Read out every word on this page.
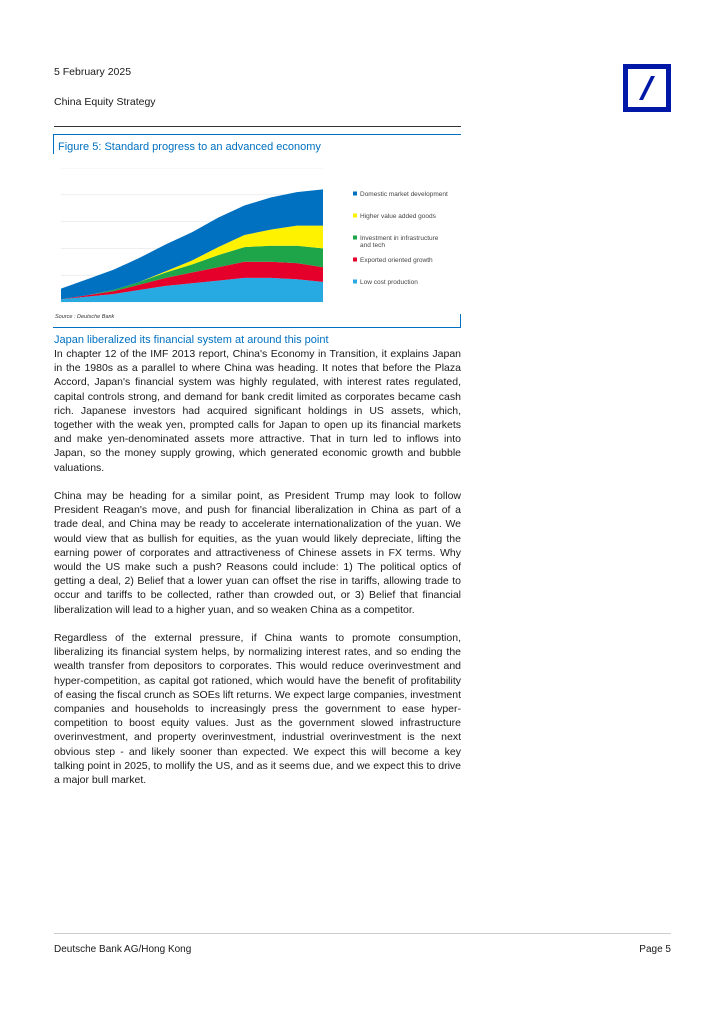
5 February 2025
China Equity Strategy
Figure 5: Standard progress to an advanced economy
Domestic market development
Higher value added goods
Investment in infrastructure and tech
Exported oriented growth
Low cost production
Source : Deutsche Bank
Japan liberalized its financial system at around this point

In chapter 12 of the IMF 2013 report, China's Economy in Transition, it explains Japan in the 1980s as a parallel to where China was heading. It notes that before the Plaza Accord, Japan's financial system was highly regulated, with interest rates regulated, capital controls strong, and demand for bank credit limited as corporates became cash rich. Japanese investors had acquired significant holdings in US assets, which, together with the weak yen, prompted calls for Japan to open up its financial markets and make yen-denominated assets more attractive. That in turn led to inflows into Japan, so the money supply growing, which generated economic growth and bubble valuations.

China may be heading for a similar point, as President Trump may look to follow President Reagan's move, and push for financial liberalization in China as part of a trade deal, and China may be ready to accelerate internationalization of the yuan. We would view that as bullish for equities, as the yuan would likely depreciate, lifting the earning power of corporates and attractiveness of Chinese assets in FX terms. Why would the US make such a push? Reasons could include: 1) The political optics of getting a deal, 2) Belief that a lower yuan can offset the rise in tariffs, allowing trade to occur and tariffs to be collected, rather than crowded out, or 3) Belief that financial liberalization will lead to a higher yuan, and so weaken China as a competitor.

Regardless of the external pressure, if China wants to promote consumption, liberalizing its financial system helps, by normalizing interest rates, and so ending the wealth transfer from depositors to corporates. This would reduce overinvestment and hyper-competition, as capital got rationed, which would have the benefit of profitability of easing the fiscal crunch as SOEs lift returns. We expect large companies, investment companies and households to increasingly press the government to ease hyper-competition to boost equity values. Just as the government slowed infrastructure overinvestment, and property overinvestment, industrial overinvestment is the next obvious step - and likely sooner than expected. We expect this will become a key talking point in 2025, to mollify the US, and as it seems due, and we expect this to drive a major bull market.

Deutsche Bank AG/Hong Kong	Page 5
